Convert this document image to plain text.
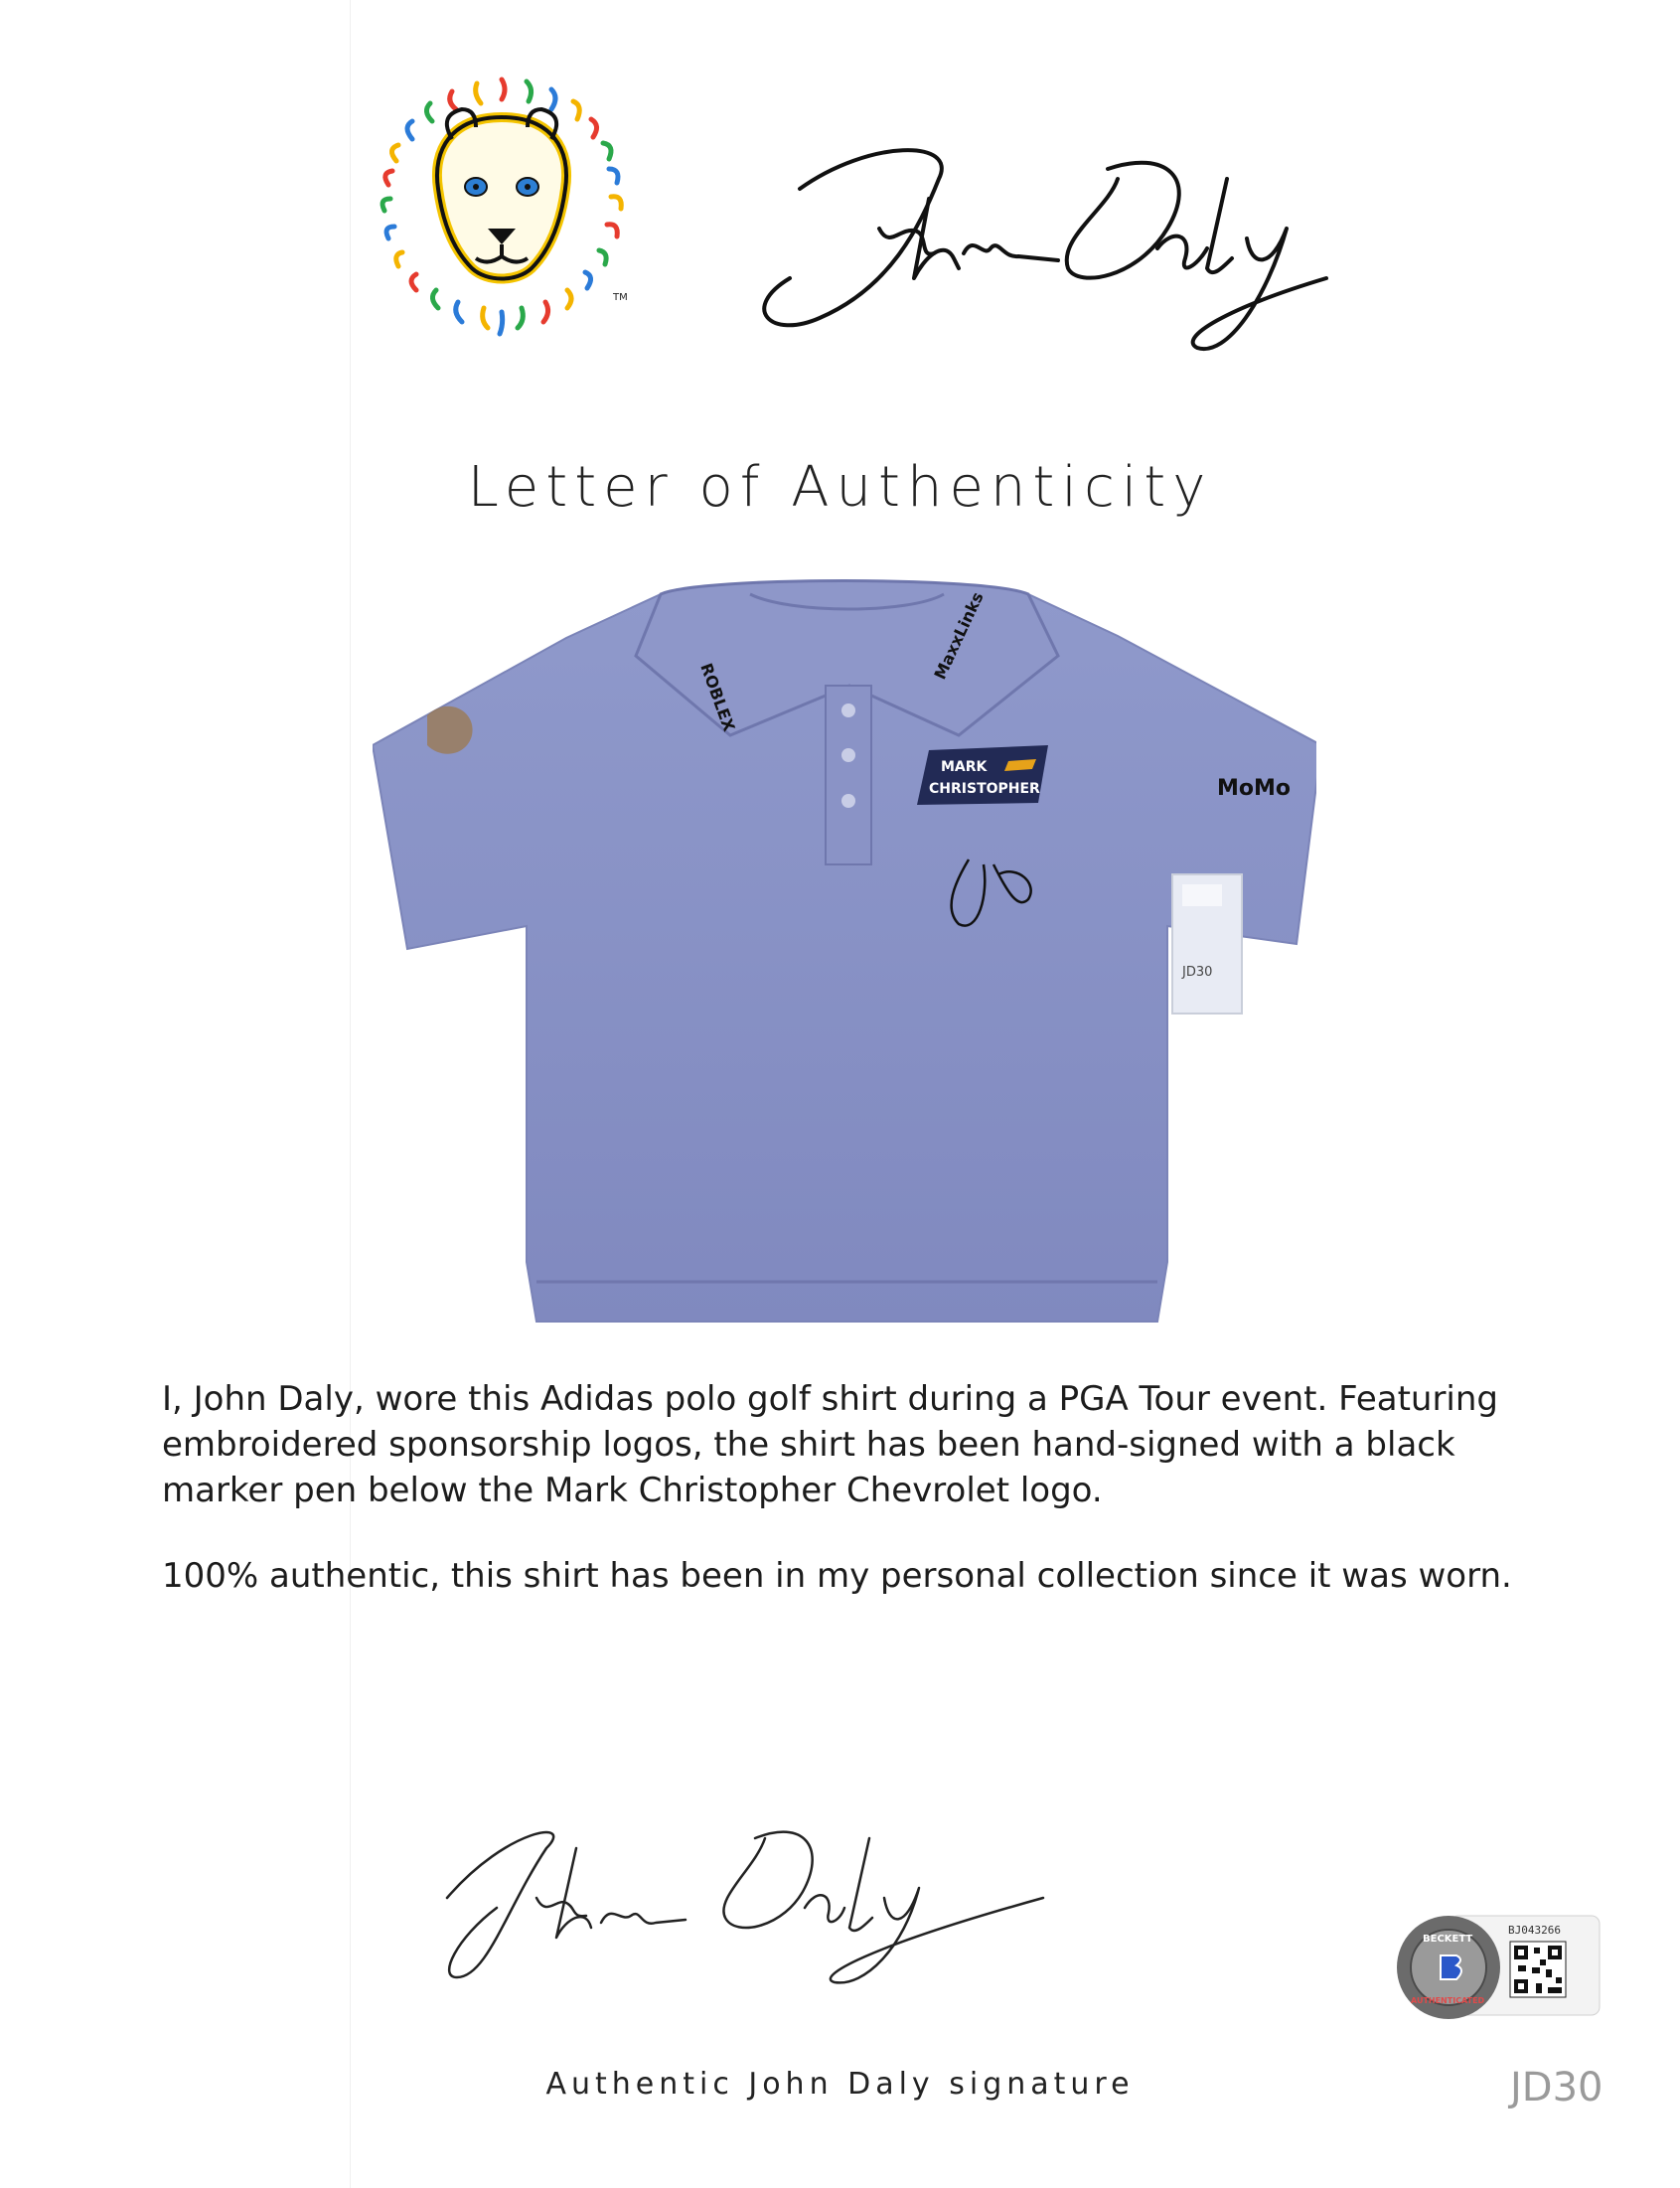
TM
Letter of Authenticity
ROBLEX
MaxxLinks
MARK
CHRISTOPHER	MoMo
JD30

I, John Daly, wore this Adidas polo golf shirt during a PGA Tour event. Featuring embroidered sponsorship logos, the shirt has been hand-signed with a black marker pen below the Mark Christopher Chevrolet logo.

100% authentic, this shirt has been in my personal collection since it was worn.

Authentic John Daly signature
BECKETT
AUTHENTICATED
BJ043266
JD30
